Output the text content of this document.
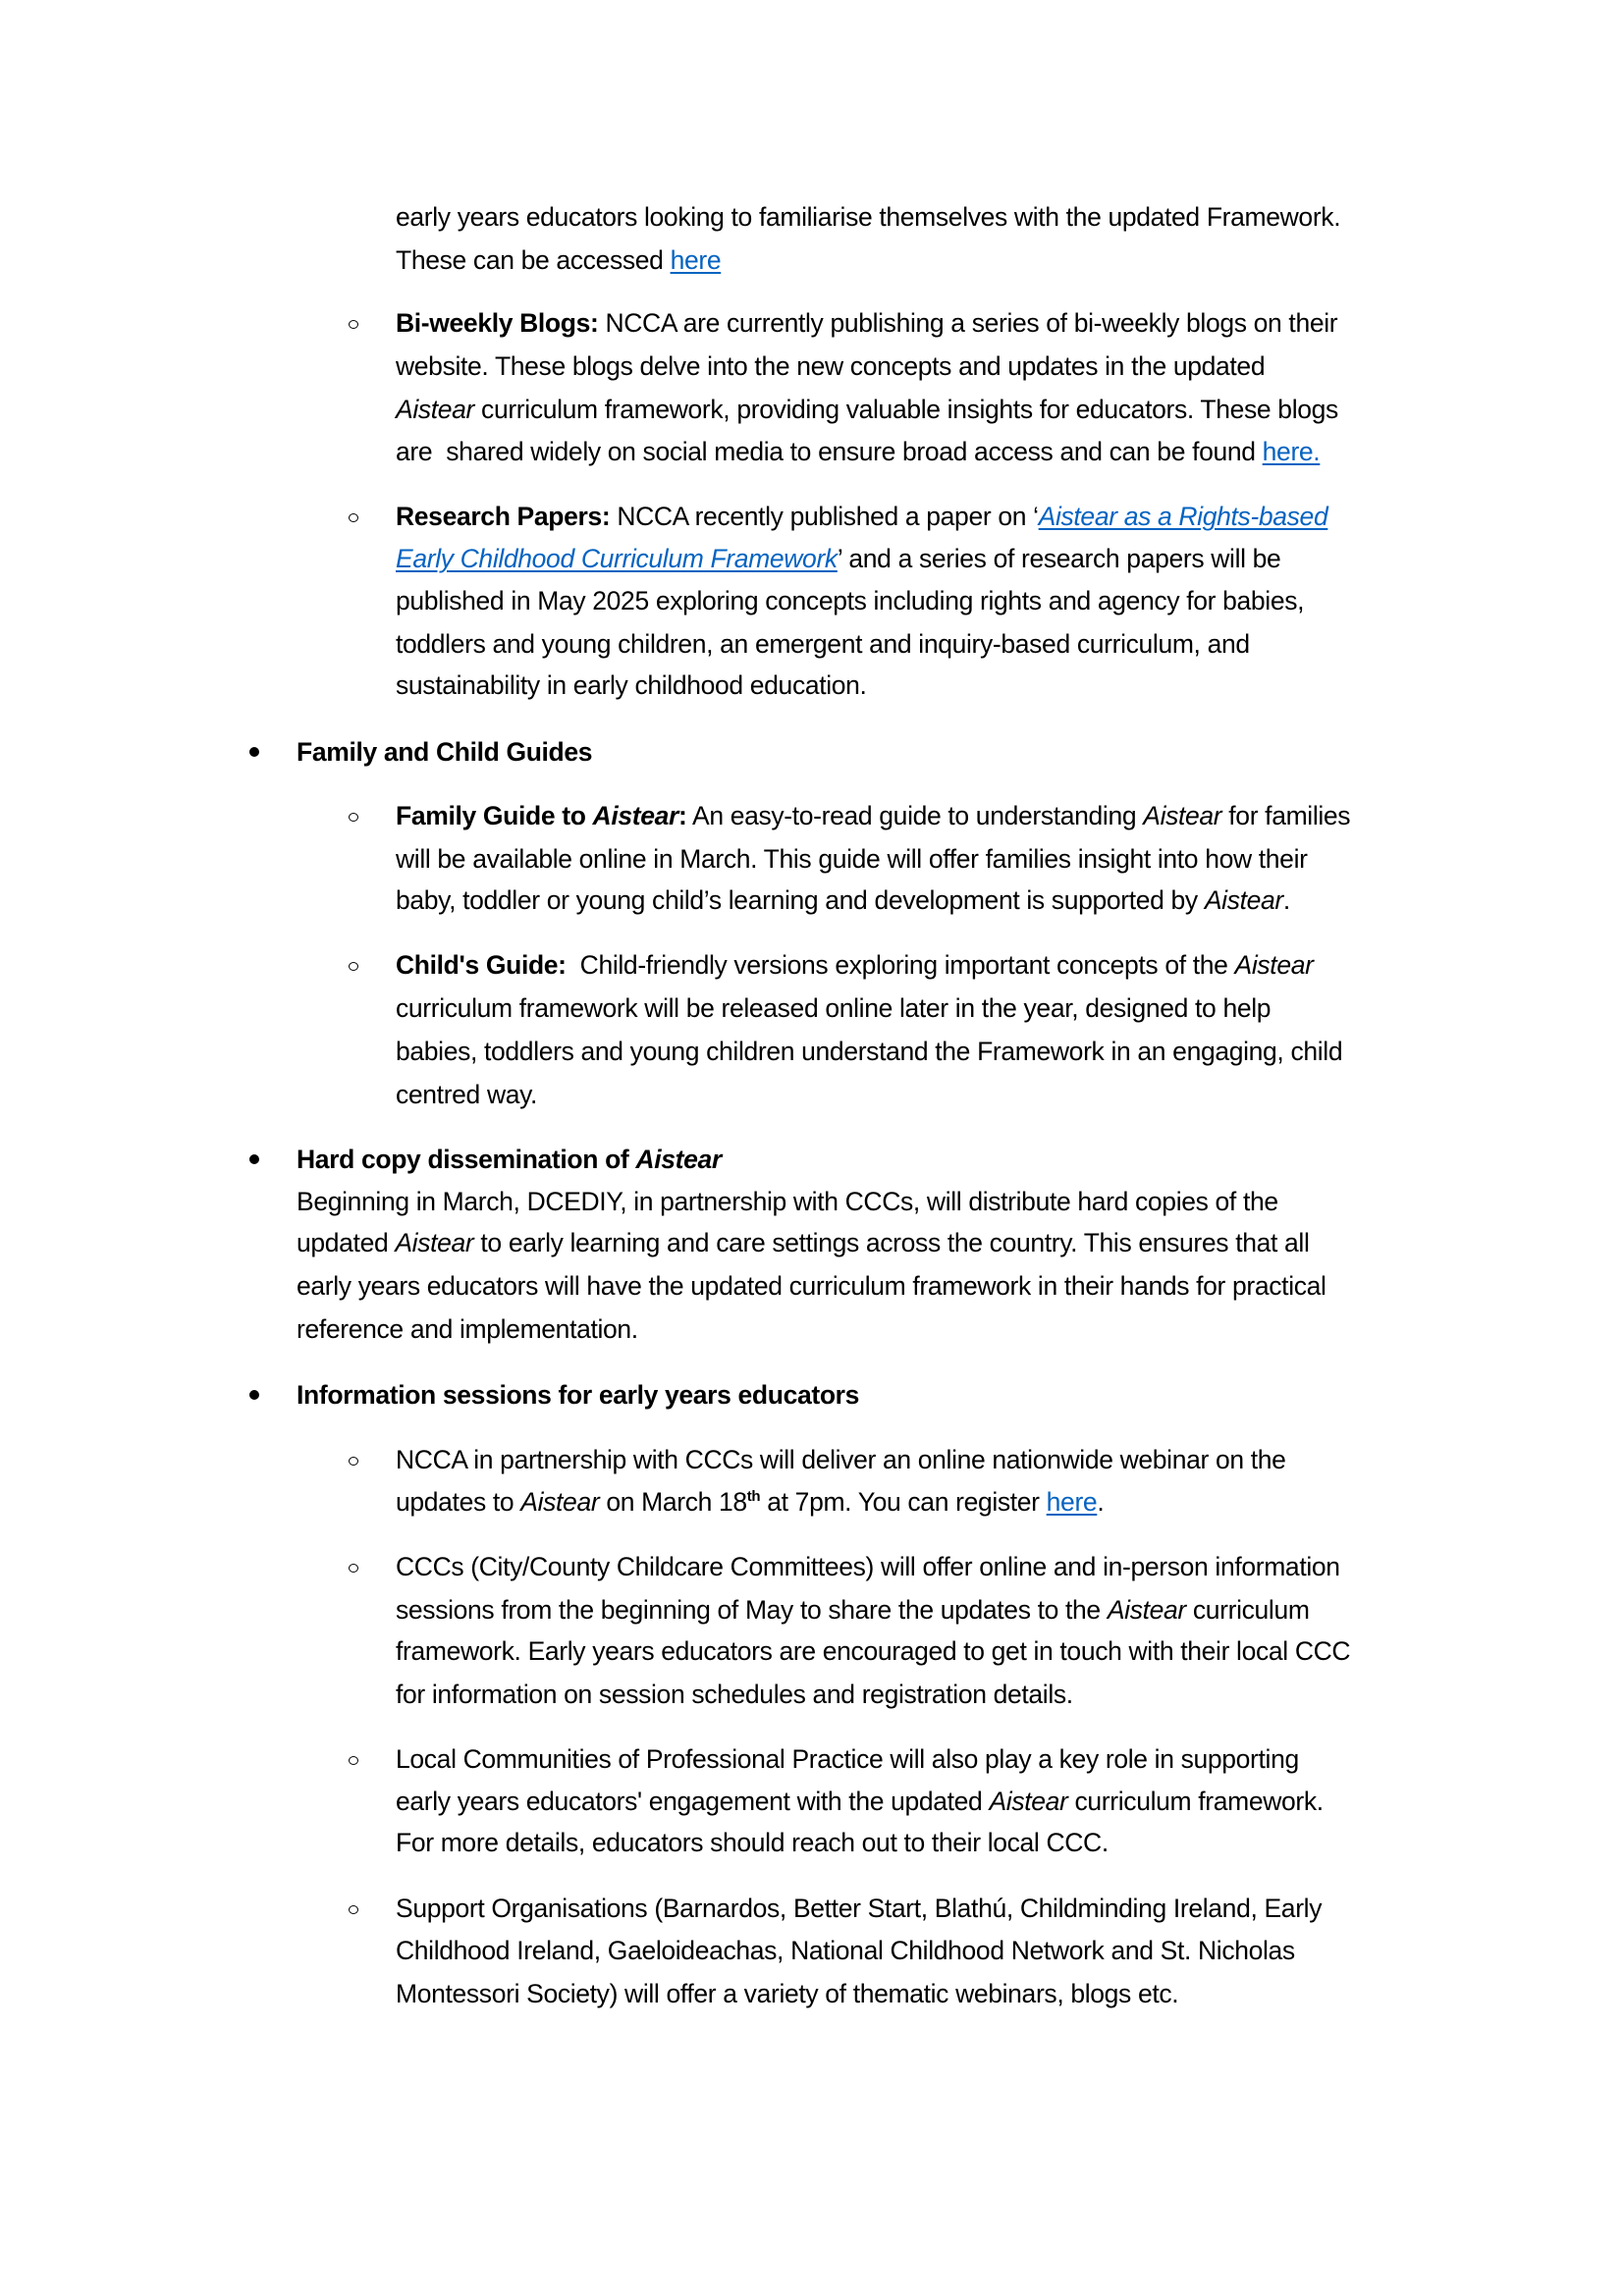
early years educators looking to familiarise themselves with the updated Framework.
These can be accessed here
Bi-weekly Blogs: NCCA are currently publishing a series of bi-weekly blogs on their
website. These blogs delve into the new concepts and updates in the updated
Aistear curriculum framework, providing valuable insights for educators. These blogs
are  shared widely on social media to ensure broad access and can be found here.
Research Papers: NCCA recently published a paper on ‘Aistear as a Rights-based
Early Childhood Curriculum Framework’ and a series of research papers will be
published in May 2025 exploring concepts including rights and agency for babies,
toddlers and young children, an emergent and inquiry-based curriculum, and
sustainability in early childhood education.
Family and Child Guides
Family Guide to Aistear: An easy-to-read guide to understanding Aistear for families
will be available online in March. This guide will offer families insight into how their
baby, toddler or young child’s learning and development is supported by Aistear.
Child's Guide:  Child-friendly versions exploring important concepts of the Aistear
curriculum framework will be released online later in the year, designed to help
babies, toddlers and young children understand the Framework in an engaging, child
centred way.
Hard copy dissemination of Aistear
Beginning in March, DCEDIY, in partnership with CCCs, will distribute hard copies of the
updated Aistear to early learning and care settings across the country. This ensures that all
early years educators will have the updated curriculum framework in their hands for practical
reference and implementation.
Information sessions for early years educators
NCCA in partnership with CCCs will deliver an online nationwide webinar on the
updates to Aistear on March 18th at 7pm. You can register here.
CCCs (City/County Childcare Committees) will offer online and in-person information
sessions from the beginning of May to share the updates to the Aistear curriculum
framework. Early years educators are encouraged to get in touch with their local CCC
for information on session schedules and registration details.
Local Communities of Professional Practice will also play a key role in supporting
early years educators' engagement with the updated Aistear curriculum framework.
For more details, educators should reach out to their local CCC.
Support Organisations (Barnardos, Better Start, Blathú, Childminding Ireland, Early
Childhood Ireland, Gaeloideachas, National Childhood Network and St. Nicholas
Montessori Society) will offer a variety of thematic webinars, blogs etc.
